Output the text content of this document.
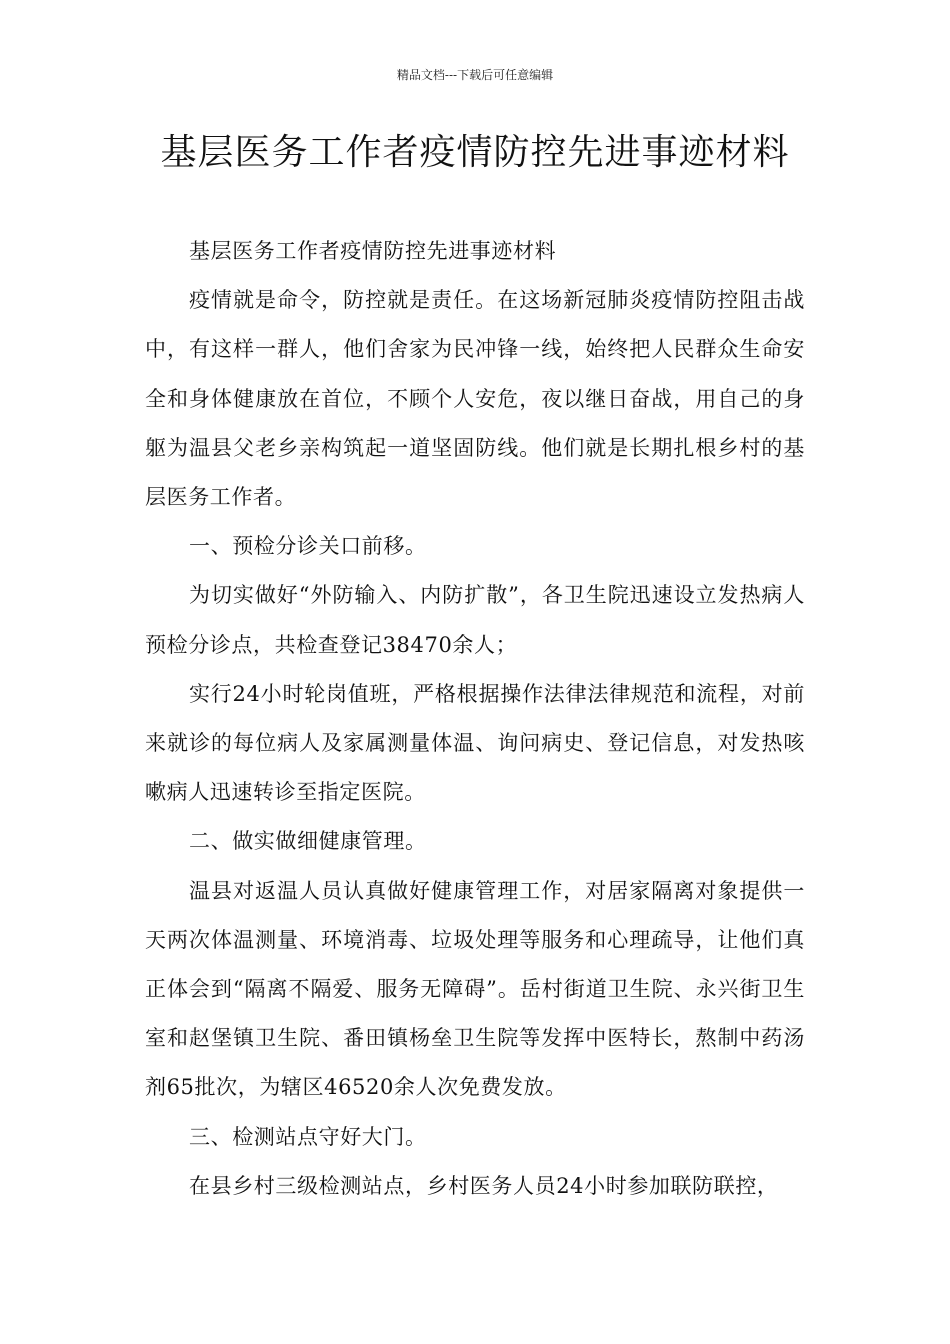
精品文档---下载后可任意编辑
基层医务工作者疫情防控先进事迹材料

基层医务工作者疫情防控先进事迹材料

疫情就是命令，防控就是责任。在这场新冠肺炎疫情防控阻击战中，有这样一群人，他们舍家为民冲锋一线，始终把人民群众生命安全和身体健康放在首位，不顾个人安危，夜以继日奋战，用自己的身躯为温县父老乡亲构筑起一道坚固防线。他们就是长期扎根乡村的基层医务工作者。

一、预检分诊关口前移。

为切实做好“外防输入、内防扩散”，各卫生院迅速设立发热病人预检分诊点，共检查登记38470余人；

实行24小时轮岗值班，严格根据操作法律法律规范和流程，对前来就诊的每位病人及家属测量体温、询问病史、登记信息，对发热咳嗽病人迅速转诊至指定医院。

二、做实做细健康管理。

温县对返温人员认真做好健康管理工作，对居家隔离对象提供一天两次体温测量、环境消毒、垃圾处理等服务和心理疏导，让他们真正体会到“隔离不隔爱、服务无障碍”。岳村街道卫生院、永兴街卫生室和赵堡镇卫生院、番田镇杨垒卫生院等发挥中医特长，熬制中药汤剂65批次，为辖区46520余人次免费发放。

三、检测站点守好大门。

在县乡村三级检测站点，乡村医务人员24小时参加联防联控，
